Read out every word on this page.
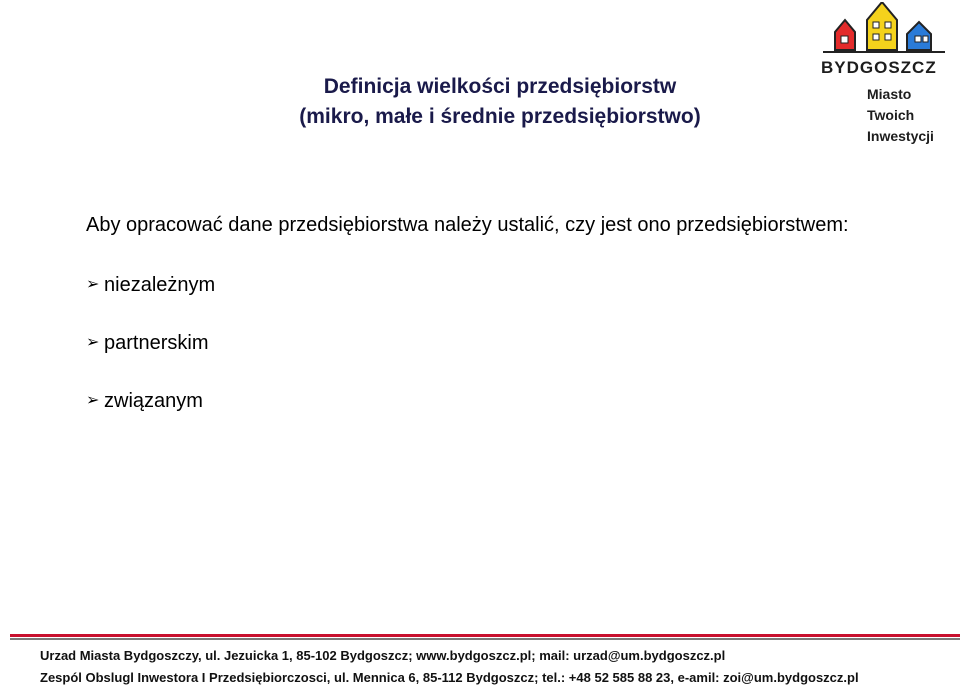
Definicja wielkości przedsiębiorstw
(mikro, małe i średnie przedsiębiorstwo)
BYDGOSZCZ
Miasto
Twoich
Inwestycji
Aby opracować dane przedsiębiorstwa należy ustalić, czy jest ono przedsiębiorstwem:
➢ niezależnym
➢ partnerskim
➢ związanym
Urzad Miasta Bydgoszczy, ul. Jezuicka 1, 85-102 Bydgoszcz; www.bydgoszcz.pl; mail: urzad@um.bydgoszcz.pl
Zespól Obslugl Inwestora I Przedsiębiorczosci, ul. Mennica 6, 85-112 Bydgoszcz; tel.: +48 52 585 88 23, e-amil: zoi@um.bydgoszcz.pl
